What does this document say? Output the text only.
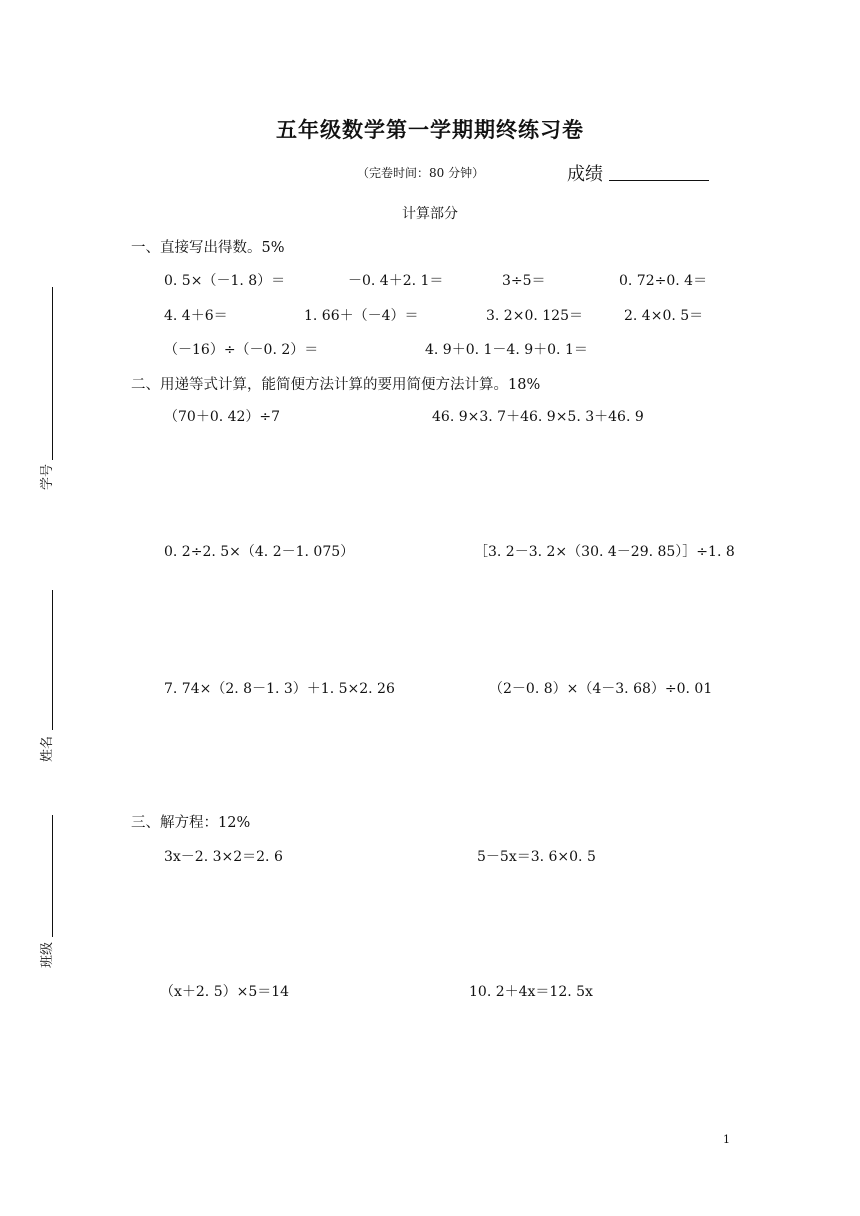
五年级数学第一学期期终练习卷
（完卷时间：80 分钟）	成绩
计算部分
学号
姓名
班级
一、直接写出得数。5%
0. 5×（－1. 8）＝	－0. 4＋2. 1＝	3÷5＝	0. 72÷0. 4＝
4. 4＋6＝	1. 66＋（－4）＝	3. 2×0. 125＝	2. 4×0. 5＝
（－16）÷（－0. 2）＝	4. 9＋0. 1－4. 9＋0. 1＝
二、用递等式计算，能简便方法计算的要用简便方法计算。18%
（70＋0. 42）÷7	46. 9×3. 7＋46. 9×5. 3＋46. 9
0. 2÷2. 5×（4. 2－1. 075）	［3. 2－3. 2×（30. 4－29. 85）］÷1. 8
7. 74×（2. 8－1. 3）＋1. 5×2. 26	（2－0. 8）×（4－3. 68）÷0. 01
三、解方程：12%
3x－2. 3×2＝2. 6	5－5x＝3. 6×0. 5
（x＋2. 5）×5＝14	10. 2＋4x＝12. 5x
1
